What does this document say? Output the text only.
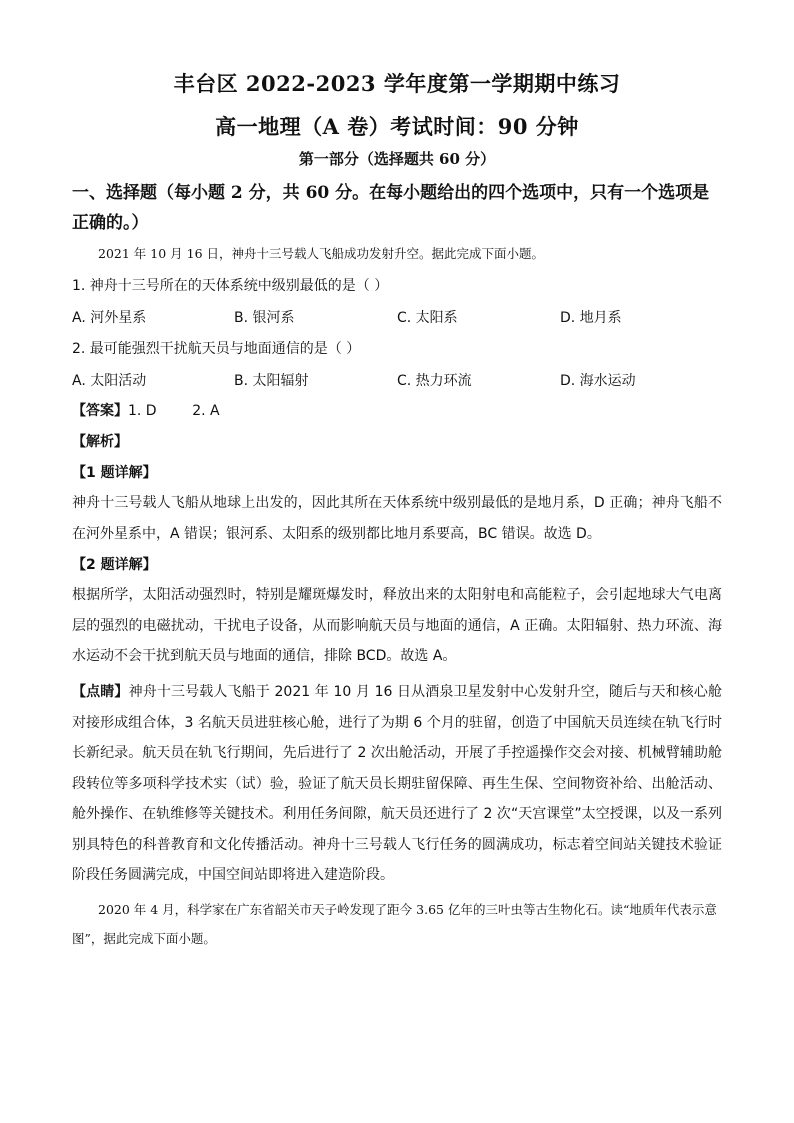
丰台区 2022-2023 学年度第一学期期中练习
高一地理（A 卷）考试时间：90 分钟
第一部分（选择题共 60 分）
一、选择题（每小题 2 分，共 60 分。在每小题给出的四个选项中，只有一个选项是正确的。）
2021 年 10 月 16 日，神舟十三号载人飞船成功发射升空。据此完成下面小题。
1. 神舟十三号所在的天体系统中级别最低的是（ ）
A. 河外星系	B. 银河系	C. 太阳系	D. 地月系
2. 最可能强烈干扰航天员与地面通信的是（ ）
A. 太阳活动	B. 太阳辐射	C. 热力环流	D. 海水运动
【答案】1. D        2. A
【解析】
【1 题详解】
神舟十三号载人飞船从地球上出发的，因此其所在天体系统中级别最低的是地月系，D 正确；神舟飞船不在河外星系中，A 错误；银河系、太阳系的级别都比地月系要高，BC 错误。故选 D。
【2 题详解】
根据所学，太阳活动强烈时，特别是耀斑爆发时，释放出来的太阳射电和高能粒子，会引起地球大气电离层的强烈的电磁扰动，干扰电子设备，从而影响航天员与地面的通信，A 正确。太阳辐射、热力环流、海水运动不会干扰到航天员与地面的通信，排除 BCD。故选 A。
【点睛】神舟十三号载人飞船于 2021 年 10 月 16 日从酒泉卫星发射中心发射升空，随后与天和核心舱对接形成组合体，3 名航天员进驻核心舱，进行了为期 6 个月的驻留，创造了中国航天员连续在轨飞行时长新纪录。航天员在轨飞行期间，先后进行了 2 次出舱活动，开展了手控遥操作交会对接、机械臂辅助舱段转位等多项科学技术实（试）验，验证了航天员长期驻留保障、再生生保、空间物资补给、出舱活动、舱外操作、在轨维修等关键技术。利用任务间隙，航天员还进行了 2 次“天宫课堂”太空授课，以及一系列别具特色的科普教育和文化传播活动。神舟十三号载人飞行任务的圆满成功，标志着空间站关键技术验证阶段任务圆满完成，中国空间站即将进入建造阶段。
2020 年 4 月，科学家在广东省韶关市天子岭发现了距今 3.65 亿年的三叶虫等古生物化石。读“地质年代表示意图”，据此完成下面小题。
